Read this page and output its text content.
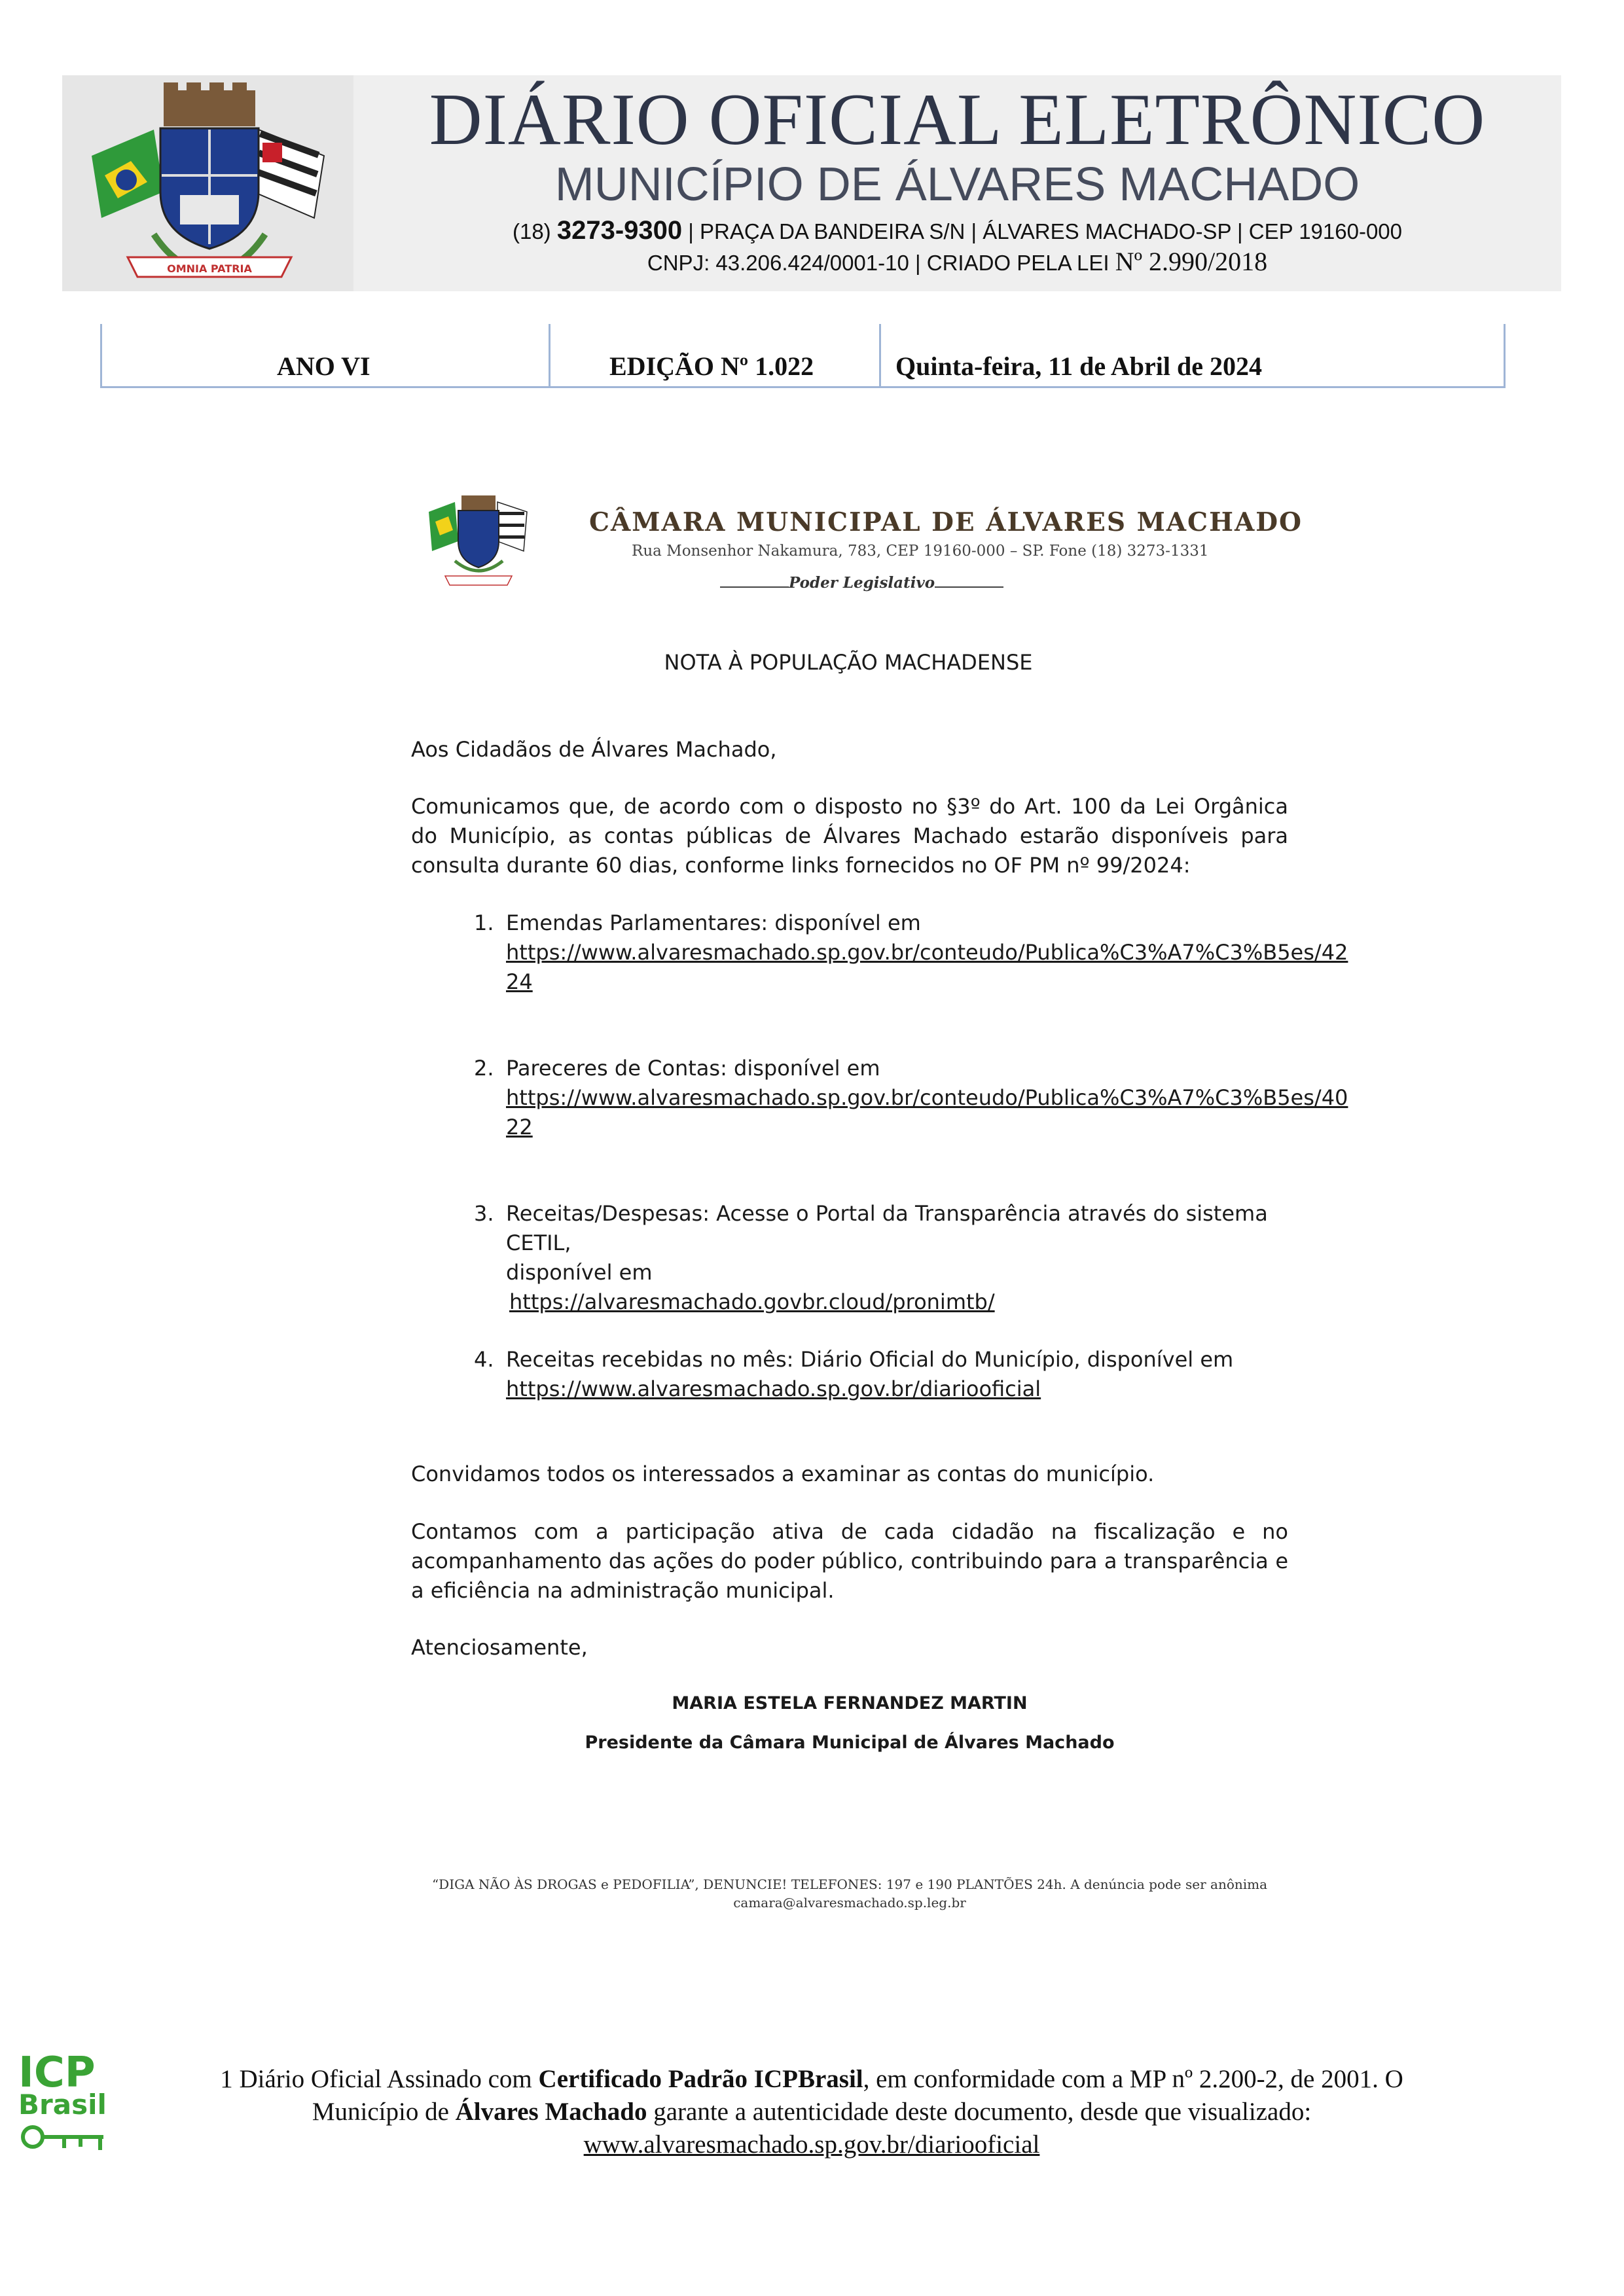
OMNIA PATRIA
DIÁRIO OFICIAL ELETRÔNICO
MUNICÍPIO DE ÁLVARES MACHADO
(18) 3273-9300 | PRAÇA DA BANDEIRA S/N | ÁLVARES MACHADO-SP | CEP 19160-000
CNPJ: 43.206.424/0001-10 | CRIADO PELA LEI Nº 2.990/2018
ANO VI	EDIÇÃO Nº 1.022	Quinta-feira, 11 de Abril de 2024
CÂMARA MUNICIPAL DE ÁLVARES MACHADO
Rua Monsenhor Nakamura, 783, CEP 19160-000 – SP. Fone (18) 3273-1331
Poder Legislativo
NOTA À POPULAÇÃO MACHADENSE
Aos Cidadãos de Álvares Machado,
Comunicamos que, de acordo com o disposto no §3º do Art. 100 da Lei Orgânica do Município, as contas públicas de Álvares Machado estarão disponíveis para consulta durante 60 dias, conforme links fornecidos no OF PM nº 99/2024:
1. Emendas Parlamentares: disponível em
https://www.alvaresmachado.sp.gov.br/conteudo/Publica%C3%A7%C3%B5es/42
24
2. Pareceres de Contas: disponível em
https://www.alvaresmachado.sp.gov.br/conteudo/Publica%C3%A7%C3%B5es/40
22
3. Receitas/Despesas: Acesse o Portal da Transparência através do sistema CETIL,
disponível em
https://alvaresmachado.govbr.cloud/pronimtb/
4. Receitas recebidas no mês: Diário Oficial do Município, disponível em
https://www.alvaresmachado.sp.gov.br/diariooficial
Convidamos todos os interessados a examinar as contas do município.
Contamos com a participação ativa de cada cidadão na fiscalização e no acompanhamento das ações do poder público, contribuindo para a transparência e a eficiência na administração municipal.
Atenciosamente,
MARIA ESTELA FERNANDEZ MARTIN
Presidente da Câmara Municipal de Álvares Machado
“DIGA NÃO ÀS DROGAS e PEDOFILIA”, DENUNCIE! TELEFONES: 197 e 190 PLANTÕES 24h. A denúncia pode ser anônima
camara@alvaresmachado.sp.leg.br
ICP
Brasil
1 Diário Oficial Assinado com Certificado Padrão ICPBrasil, em conformidade com a MP nº 2.200-2, de 2001. O Município de Álvares Machado garante a autenticidade deste documento, desde que visualizado: www.alvaresmachado.sp.gov.br/diariooficial
